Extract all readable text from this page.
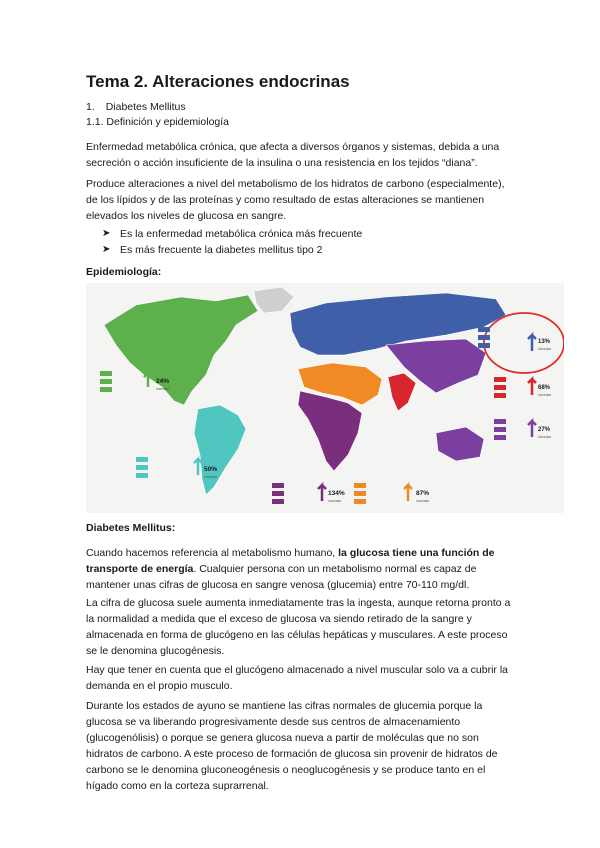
Tema 2. Alteraciones endocrinas
1. Diabetes Mellitus
1.1. Definición y epidemiología

Enfermedad metabólica crónica, que afecta a diversos órganos y sistemas, debida a una secreción o acción insuficiente de la insulina o una resistencia en los tejidos “diana”.

Produce alteraciones a nivel del metabolismo de los hidratos de carbono (especialmente), de los lípidos y de las proteínas y como resultado de estas alteraciones se mantienen elevados los niveles de glucosa en sangre.

➤ Es la enfermedad metabólica crónica más frecuente
➤ Es más frecuente la diabetes mellitus tipo 2
Epidemiología:
24%
increase
50%
increase
134%
increase
87%
increase
13%
increase
68%
increase
27%
increase
Diabetes Mellitus:

Cuando hacemos referencia al metabolismo humano, la glucosa tiene una función de transporte de energía. Cualquier persona con un metabolismo normal es capaz de mantener unas cifras de glucosa en sangre venosa (glucemia) entre 70-110 mg/dl.

La cifra de glucosa suele aumenta inmediatamente tras la ingesta, aunque retorna pronto a la normalidad a medida que el exceso de glucosa va siendo retirado de la sangre y almacenada en forma de glucógeno en las células hepáticas y musculares. A este proceso se le denomina glucogénesis.

Hay que tener en cuenta que el glucógeno almacenado a nivel muscular solo va a cubrir la demanda en el propio musculo.

Durante los estados de ayuno se mantiene las cifras normales de glucemia porque la glucosa se va liberando progresivamente desde sus centros de almacenamiento (glucogenólisis) o porque se genera glucosa nueva a partir de moléculas que no son hidratos de carbono. A este proceso de formación de glucosa sin provenir de hidratos de carbono se le denomina gluconeogénesis o neoglucogénesis y se produce tanto en el hígado como en la corteza suprarrenal.
